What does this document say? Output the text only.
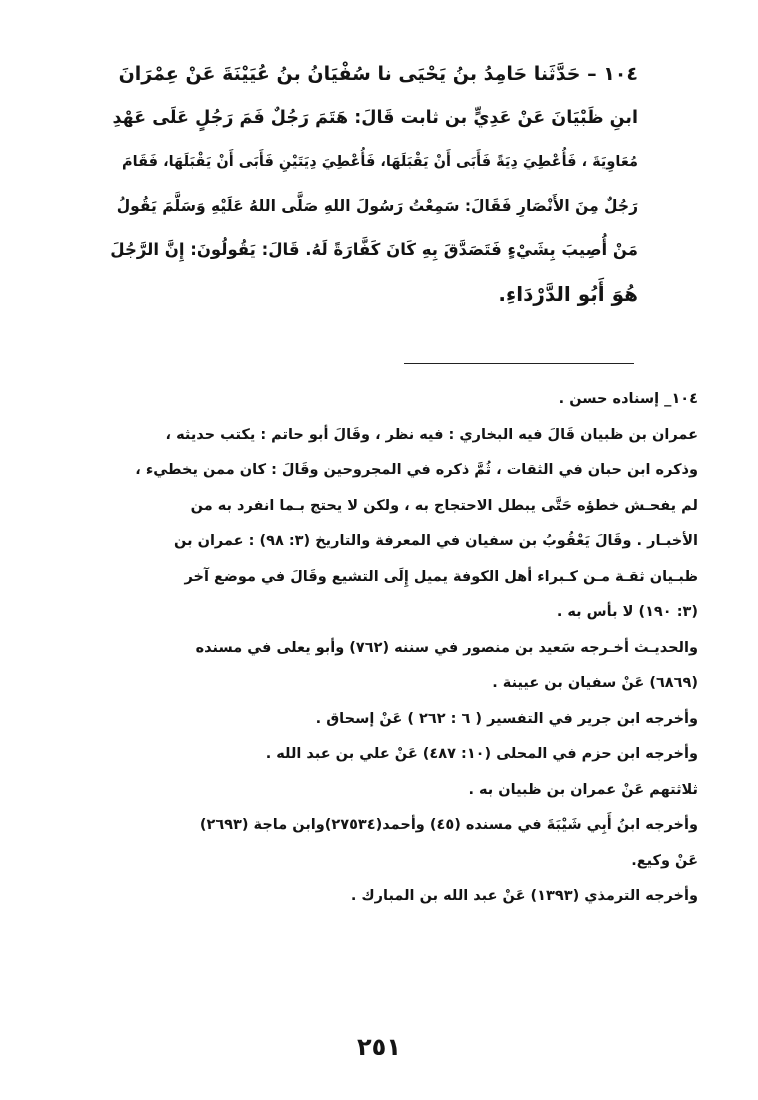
١٠٤ – حَدَّثَنا حَامِدُ بنُ يَحْيَى نا سُفْيَانُ بنُ عُيَيْنَةَ عَنْ عِمْرَانَ
ابنِ ظَبْيَانَ عَنْ عَدِيٍّ بن ثابت قَالَ: هَتَمَ رَجُلٌ فَمَ رَجُلٍ عَلَى عَهْدِ
مُعَاوِيَةَ ، فَأُعْطِيَ دِيَةً فَأَبَى أَنْ يَقْبَلَهَا، فَأُعْطِيَ دِيَتَيْنِ فَأَبَى أَنْ يَقْبَلَهَا، فَقَامَ
رَجُلٌ مِنَ الأَنْصَارِ فَقَالَ: سَمِعْتُ رَسُولَ اللهِ صَلَّى اللهُ عَلَيْهِ وَسَلَّمَ يَقُولُ
مَنْ أُصِيبَ بِشَيْءٍ فَتَصَدَّقَ بِهِ كَانَ كَفَّارَةً لَهُ. قَالَ: يَقُولُونَ: إِنَّ الرَّجُلَ
هُوَ أَبُو الدَّرْدَاءِ.
١٠٤_ إسناده حسن .
عمران بن ظبيان قَالَ فيه البخاري : فيه نظر ، وقَالَ أبو حاتم : يكتب حديثه ،
وذكره ابن حبان في الثقات ، ثُمَّ ذكره في المجروحين وقَالَ : كان ممن يخطيء ،
لم يفحـش خطؤه حَتَّى يبطل الاحتجاج به ، ولكن لا يحتج بـما انفرد به من
الأخبـار . وقَالَ يَعْقُوبُ بن سفيان في المعرفة والتاريخ (٣: ٩٨) : عمران بن
ظبـيان ثقـة مـن كـبراء أهل الكوفة يميل إِلَى التشيع وقَالَ في موضع آخر
(٣: ١٩٠) لا بأس به .
والحديـث أخـرجه سَعيد بن منصور في سننه (٧٦٢) وأبو يعلى في مسنده
(٦٨٦٩) عَنْ سفيان بن عيينة .
وأخرجه ابن جرير في التفسير ( ٦ : ٢٦٢ ) عَنْ إسحاق .
وأخرجه ابن حزم في المحلى (١٠: ٤٨٧) عَنْ علي بن عبد الله .
ثلاثتهم عَنْ عمران بن ظبيان به .
وأخرجه ابنُ أَبِي شَيْبَةَ في مسنده (٤٥) وأحمد(٢٧٥٣٤)وابن ماجة (٢٦٩٣)
عَنْ وكيع.
وأخرجه الترمذي (١٣٩٣) عَنْ عبد الله بن المبارك .
٢٥١
